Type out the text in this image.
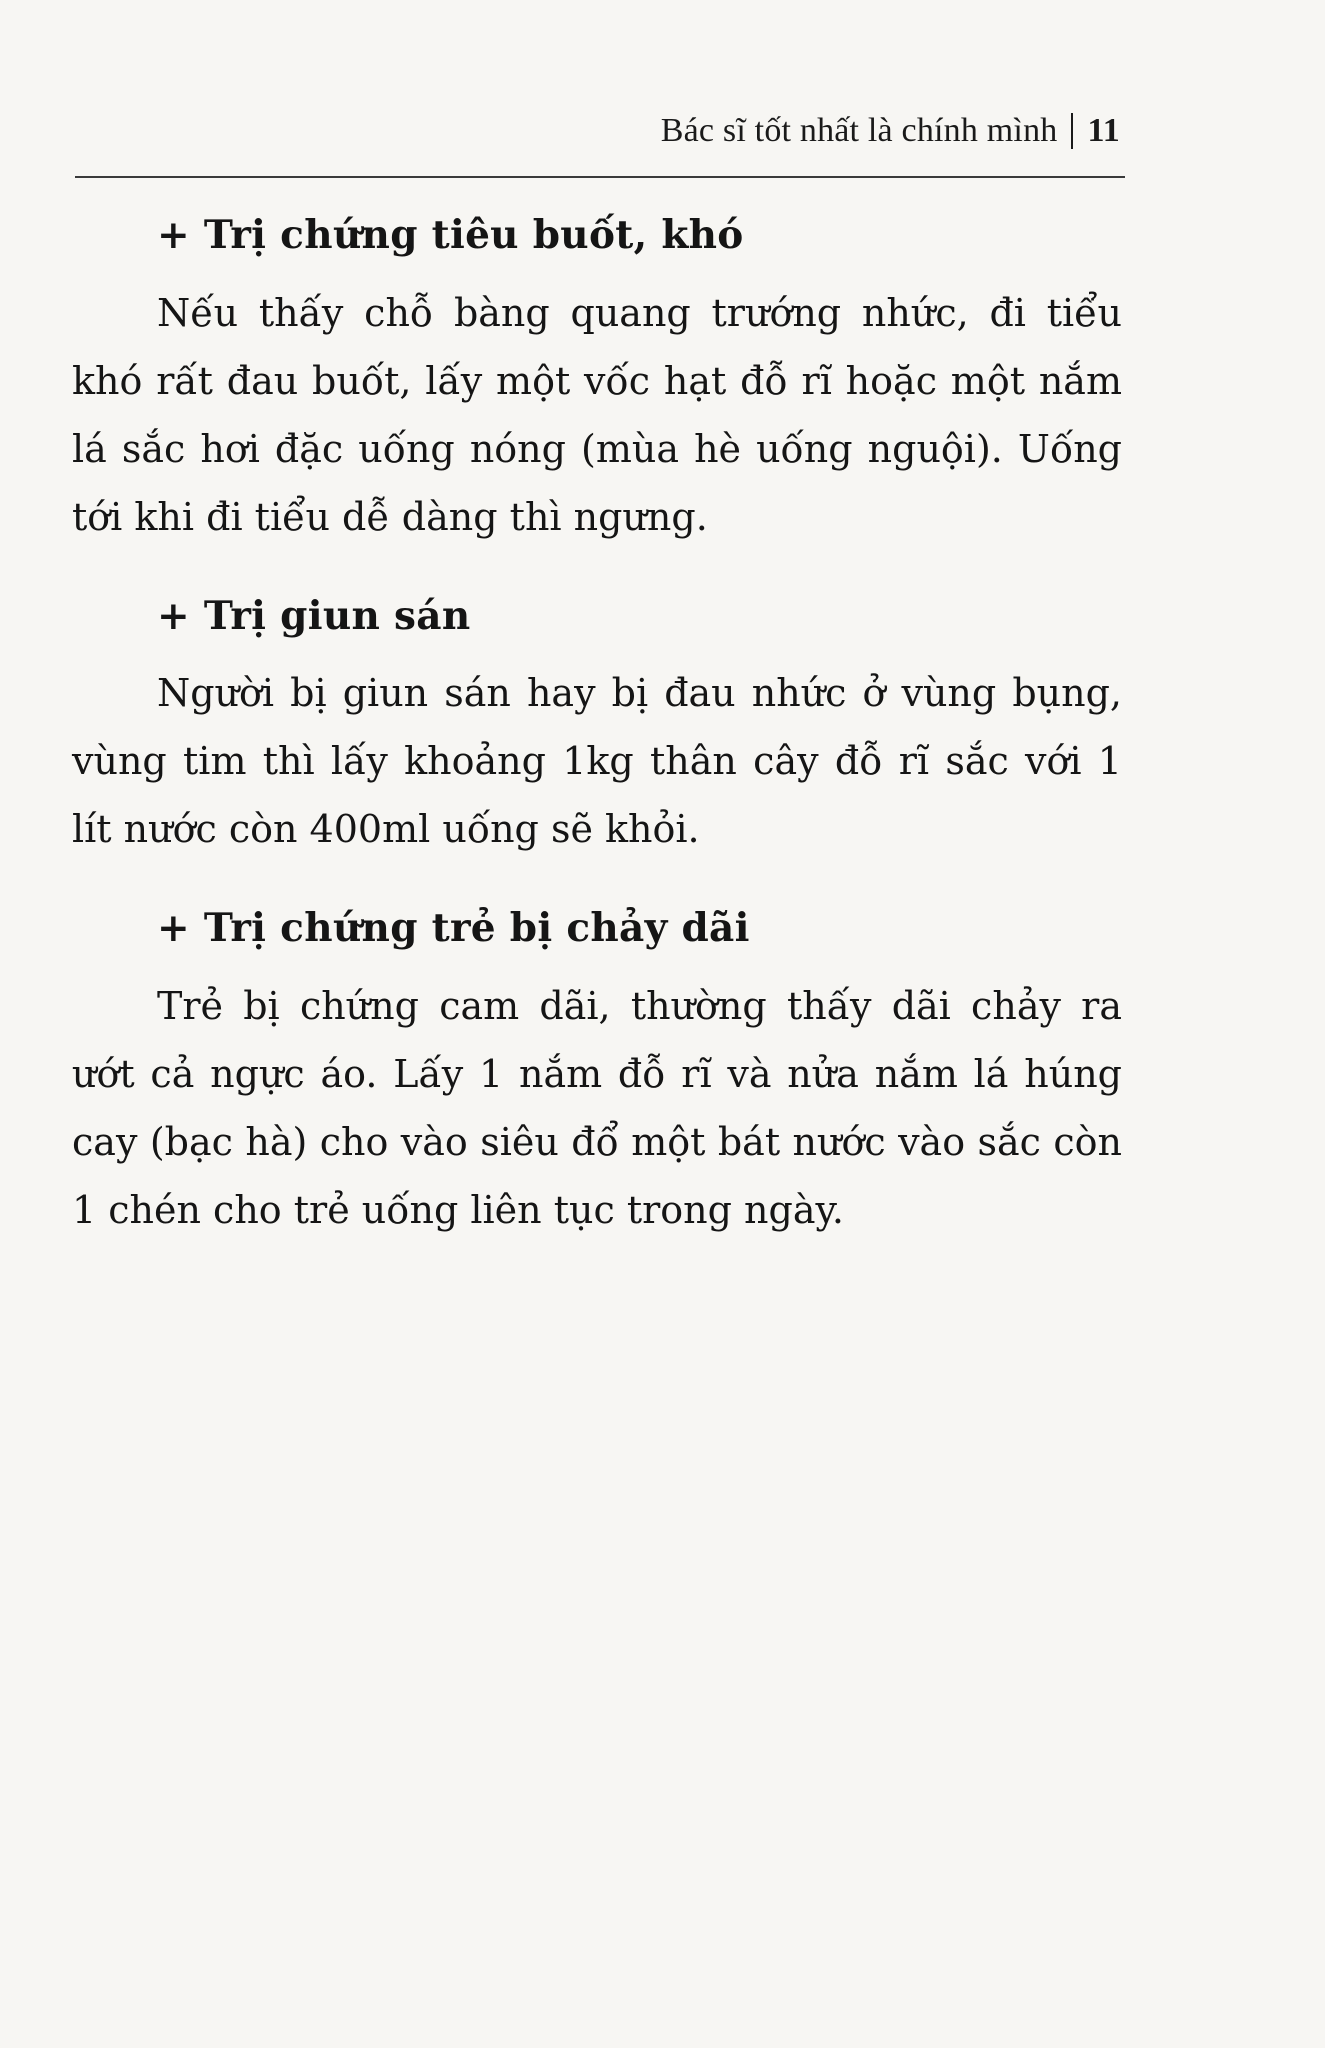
Bác sĩ tốt nhất là chính mình 11
+ Trị chứng tiêu buốt, khó

Nếu thấy chỗ bàng quang trướng nhức, đi tiểu khó rất đau buốt, lấy một vốc hạt đỗ rĩ hoặc một nắm lá sắc hơi đặc uống nóng (mùa hè uống nguội). Uống tới khi đi tiểu dễ dàng thì ngưng.

+ Trị giun sán

Người bị giun sán hay bị đau nhức ở vùng bụng, vùng tim thì lấy khoảng 1kg thân cây đỗ rĩ sắc với 1 lít nước còn 400ml uống sẽ khỏi.

+ Trị chứng trẻ bị chảy dãi

Trẻ bị chứng cam dãi, thường thấy dãi chảy ra ướt cả ngực áo. Lấy 1 nắm đỗ rĩ và nửa nắm lá húng cay (bạc hà) cho vào siêu đổ một bát nước vào sắc còn 1 chén cho trẻ uống liên tục trong ngày.
